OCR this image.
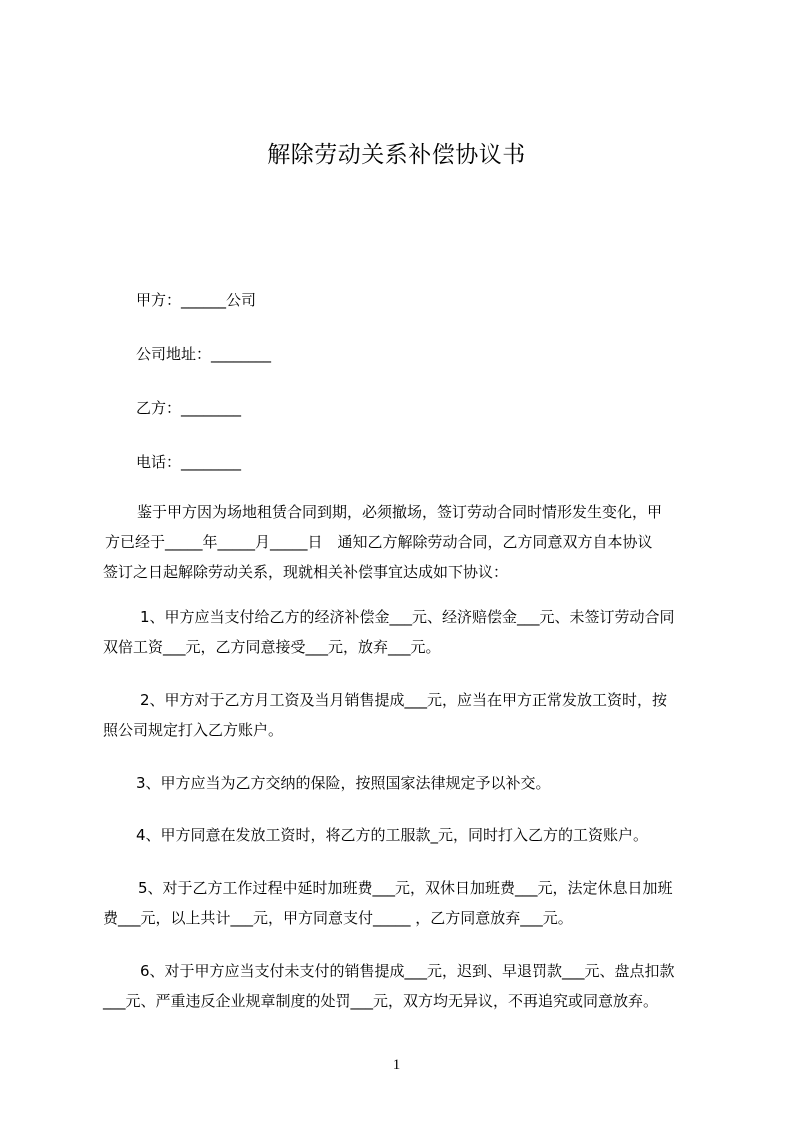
解除劳动关系补偿协议书
甲方：______公司
公司地址：________
乙方：________
电话：________
鉴于甲方因为场地租赁合同到期，必须撤场，签订劳动合同时情形发生变化，甲
方已经于_____年_____月_____日　通知乙方解除劳动合同，乙方同意双方自本协议
签订之日起解除劳动关系，现就相关补偿事宜达成如下协议：
1、甲方应当支付给乙方的经济补偿金___元、经济赔偿金___元、未签订劳动合同
双倍工资___元，乙方同意接受___元，放弃___元。
2、甲方对于乙方月工资及当月销售提成___元，应当在甲方正常发放工资时，按
照公司规定打入乙方账户。
3、甲方应当为乙方交纳的保险，按照国家法律规定予以补交。
4、甲方同意在发放工资时，将乙方的工服款_元，同时打入乙方的工资账户。
5、对于乙方工作过程中延时加班费___元，双休日加班费___元，法定休息日加班
费___元，以上共计___元，甲方同意支付_____ ，乙方同意放弃___元。
6、对于甲方应当支付未支付的销售提成___元，迟到、早退罚款___元、盘点扣款
___元、严重违反企业规章制度的处罚___元，双方均无异议，不再追究或同意放弃。
1
